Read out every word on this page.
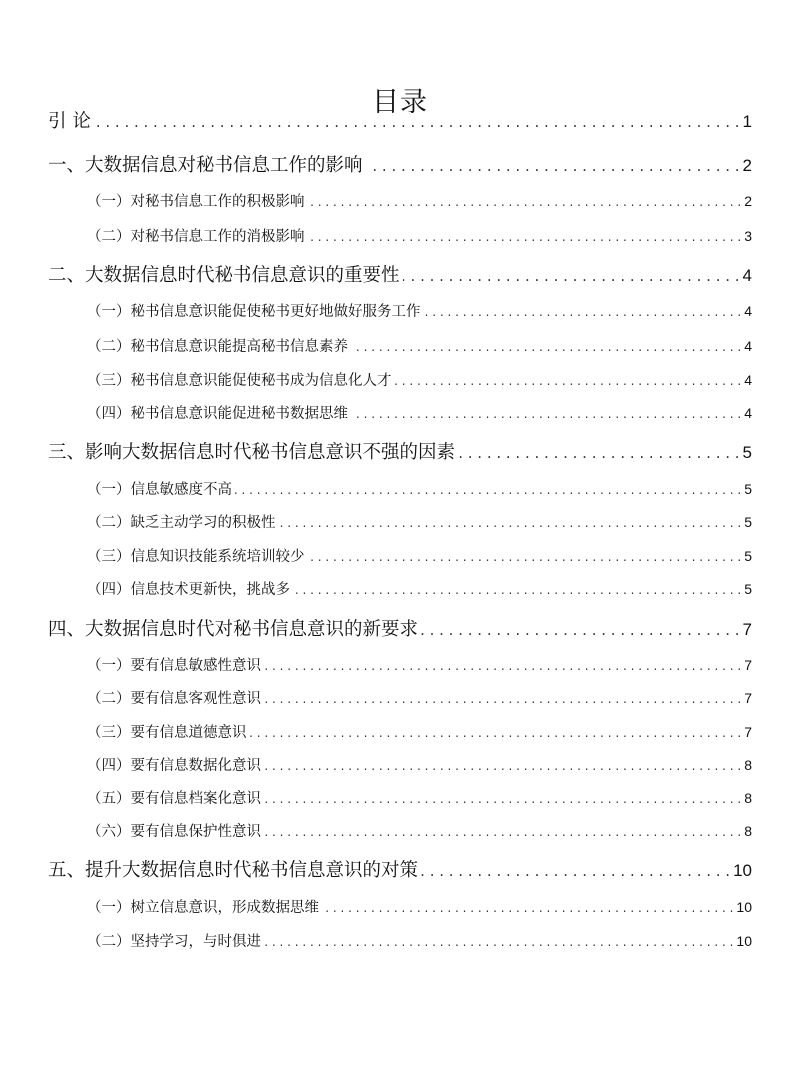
目录
引 论 . . .	1
一、大数据信息对秘书信息工作的影响 . . .	2
（一）对秘书信息工作的积极影响 . . .	2
（二）对秘书信息工作的消极影响 . . .	3
二、大数据信息时代秘书信息意识的重要性 . . .	4
（一）秘书信息意识能促使秘书更好地做好服务工作 . . .	4
（二）秘书信息意识能提高秘书信息素养 . . .	4
（三）秘书信息意识能促使秘书成为信息化人才 . . .	4
（四）秘书信息意识能促进秘书数据思维 . . .	4
三、影响大数据信息时代秘书信息意识不强的因素 . . .	5
（一）信息敏感度不高 . . .	5
（二）缺乏主动学习的积极性 . . .	5
（三）信息知识技能系统培训较少 . . .	5
（四）信息技术更新快，挑战多 . . .	5
四、大数据信息时代对秘书信息意识的新要求 . . .	7
（一）要有信息敏感性意识 . . .	7
（二）要有信息客观性意识 . . .	7
（三）要有信息道德意识 . . .	7
（四）要有信息数据化意识 . . .	8
（五）要有信息档案化意识 . . .	8
（六）要有信息保护性意识 . . .	8
五、提升大数据信息时代秘书信息意识的对策 . . .	10
（一）树立信息意识，形成数据思维 . . .	10
（二）坚持学习，与时俱进 . . .	10
